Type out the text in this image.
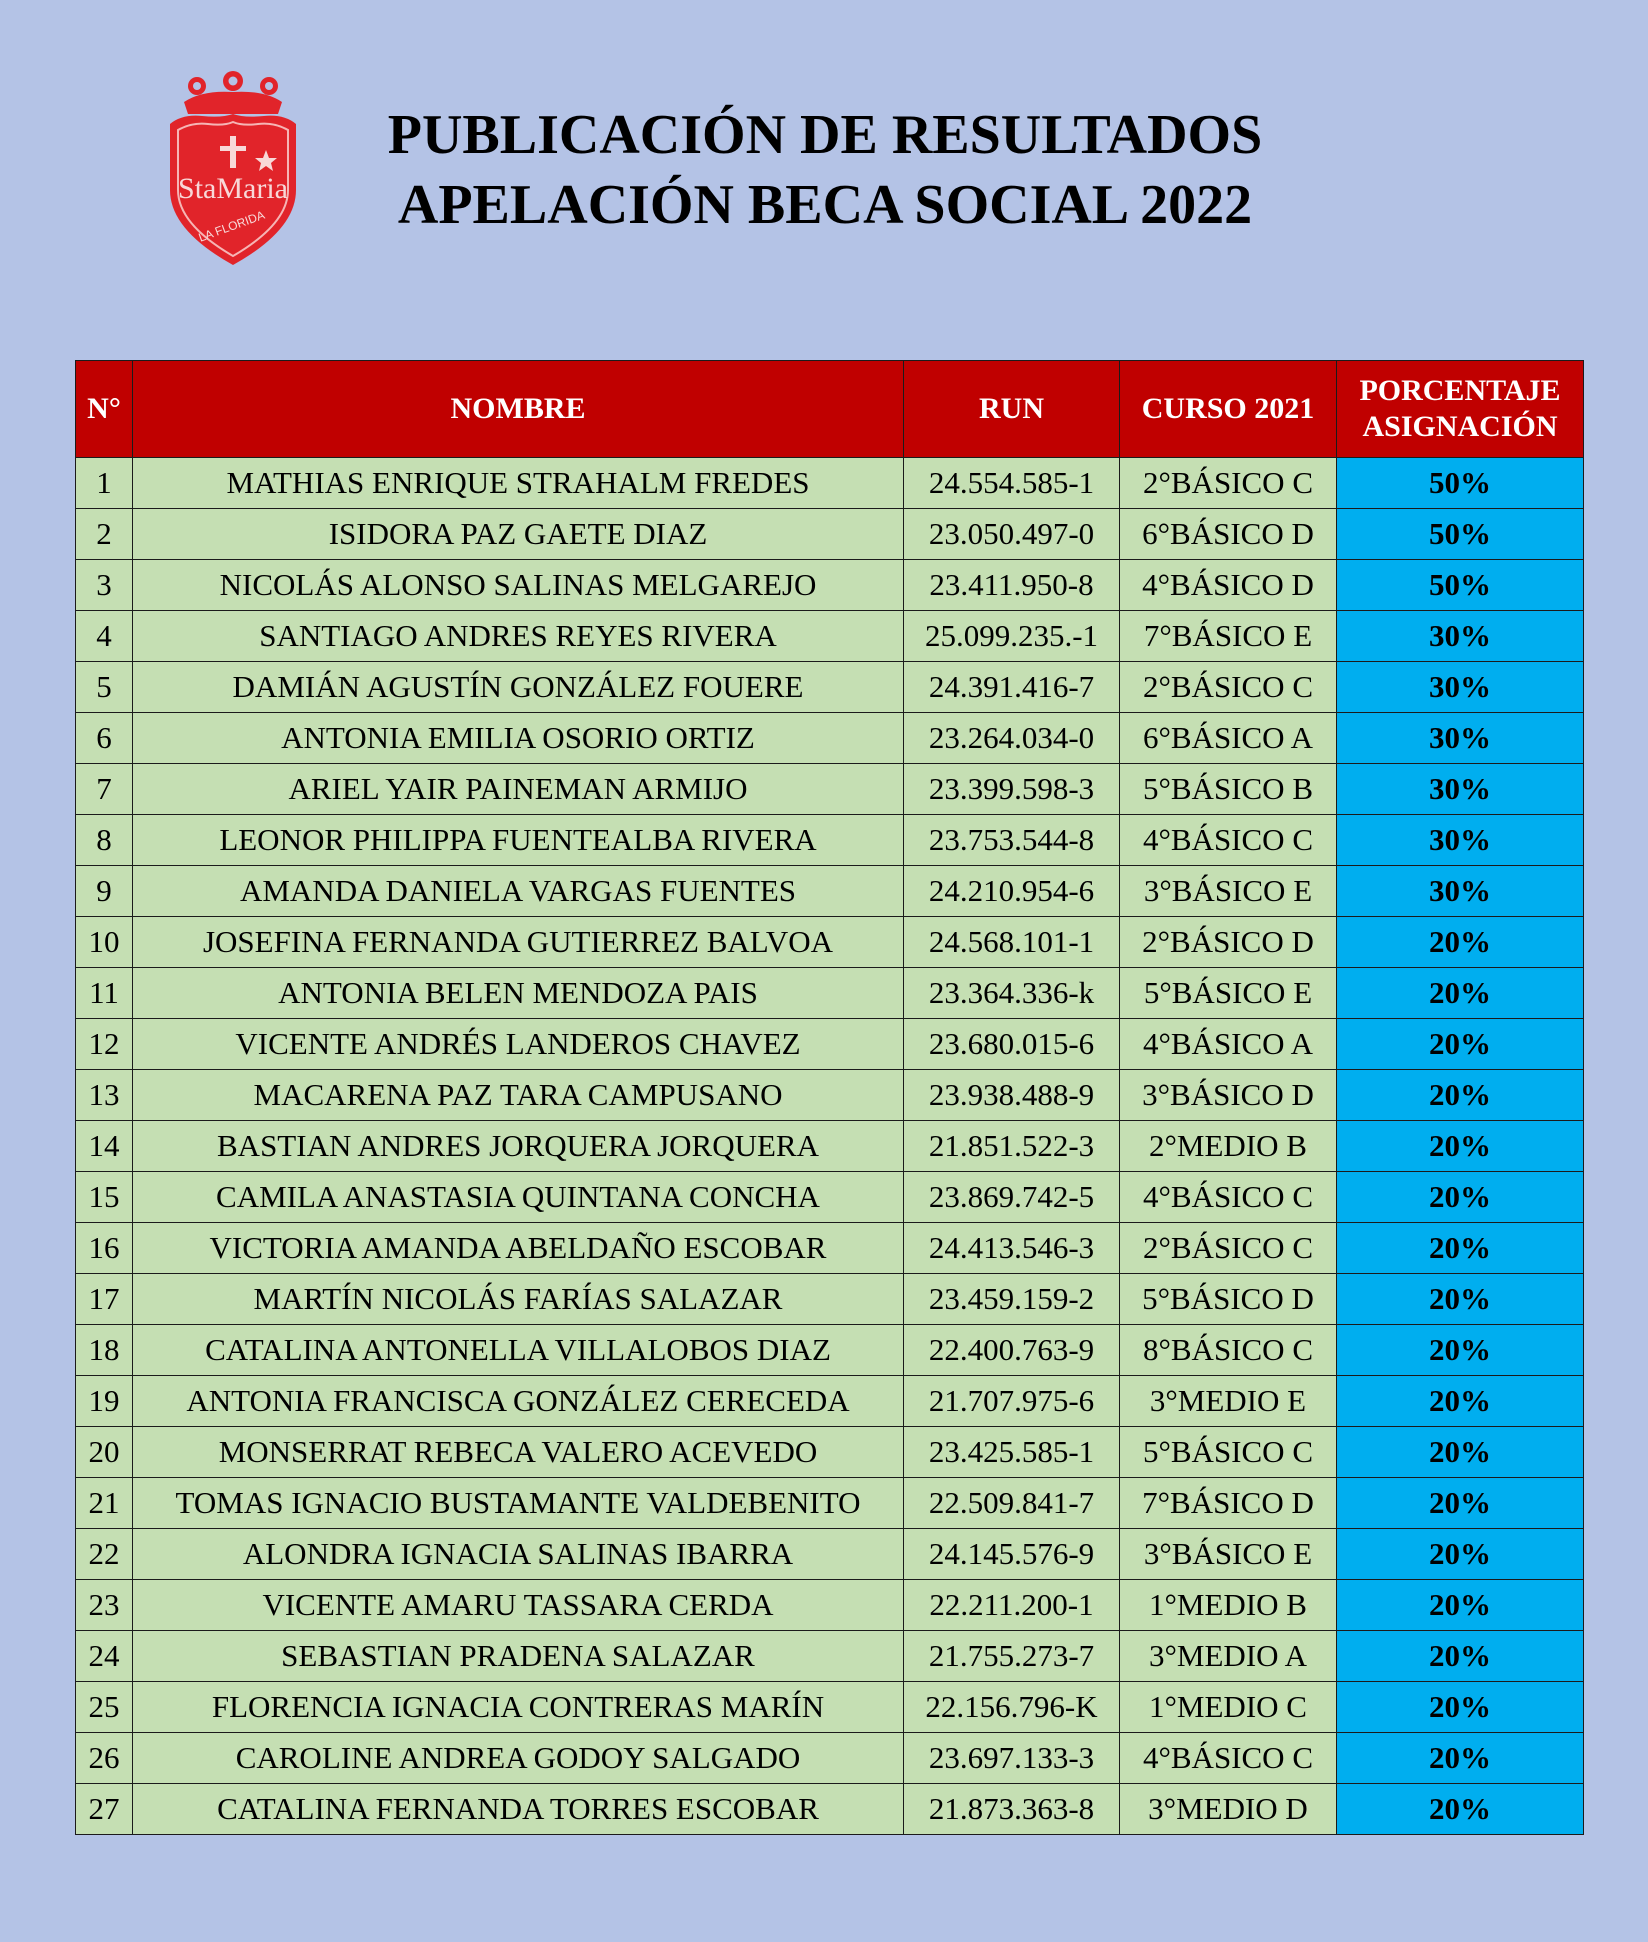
StaMaria
LA FLORIDA
PUBLICACIÓN DE RESULTADOS
APELACIÓN BECA SOCIAL 2022
N°	NOMBRE	RUN	CURSO 2021	PORCENTAJE ASIGNACIÓN
1	MATHIAS ENRIQUE STRAHALM FREDES	24.554.585-1	2°BÁSICO C	50%
2	ISIDORA PAZ GAETE DIAZ	23.050.497-0	6°BÁSICO D	50%
3	NICOLÁS ALONSO SALINAS MELGAREJO	23.411.950-8	4°BÁSICO D	50%
4	SANTIAGO ANDRES REYES RIVERA	25.099.235.-1	7°BÁSICO E	30%
5	DAMIÁN AGUSTÍN GONZÁLEZ FOUERE	24.391.416-7	2°BÁSICO C	30%
6	ANTONIA EMILIA OSORIO ORTIZ	23.264.034-0	6°BÁSICO A	30%
7	ARIEL YAIR PAINEMAN ARMIJO	23.399.598-3	5°BÁSICO B	30%
8	LEONOR PHILIPPA FUENTEALBA RIVERA	23.753.544-8	4°BÁSICO C	30%
9	AMANDA DANIELA VARGAS FUENTES	24.210.954-6	3°BÁSICO E	30%
10	JOSEFINA FERNANDA GUTIERREZ BALVOA	24.568.101-1	2°BÁSICO D	20%
11	ANTONIA BELEN MENDOZA PAIS	23.364.336-k	5°BÁSICO E	20%
12	VICENTE ANDRÉS LANDEROS CHAVEZ	23.680.015-6	4°BÁSICO A	20%
13	MACARENA PAZ TARA CAMPUSANO	23.938.488-9	3°BÁSICO D	20%
14	BASTIAN ANDRES JORQUERA JORQUERA	21.851.522-3	2°MEDIO B	20%
15	CAMILA ANASTASIA QUINTANA CONCHA	23.869.742-5	4°BÁSICO C	20%
16	VICTORIA AMANDA ABELDAÑO ESCOBAR	24.413.546-3	2°BÁSICO C	20%
17	MARTÍN NICOLÁS FARÍAS SALAZAR	23.459.159-2	5°BÁSICO D	20%
18	CATALINA ANTONELLA VILLALOBOS DIAZ	22.400.763-9	8°BÁSICO C	20%
19	ANTONIA FRANCISCA GONZÁLEZ CERECEDA	21.707.975-6	3°MEDIO E	20%
20	MONSERRAT REBECA VALERO ACEVEDO	23.425.585-1	5°BÁSICO C	20%
21	TOMAS IGNACIO BUSTAMANTE VALDEBENITO	22.509.841-7	7°BÁSICO D	20%
22	ALONDRA IGNACIA SALINAS IBARRA	24.145.576-9	3°BÁSICO E	20%
23	VICENTE AMARU TASSARA CERDA	22.211.200-1	1°MEDIO B	20%
24	SEBASTIAN PRADENA SALAZAR	21.755.273-7	3°MEDIO A	20%
25	FLORENCIA IGNACIA CONTRERAS MARÍN	22.156.796-K	1°MEDIO C	20%
26	CAROLINE ANDREA GODOY SALGADO	23.697.133-3	4°BÁSICO C	20%
27	CATALINA FERNANDA TORRES ESCOBAR	21.873.363-8	3°MEDIO D	20%
